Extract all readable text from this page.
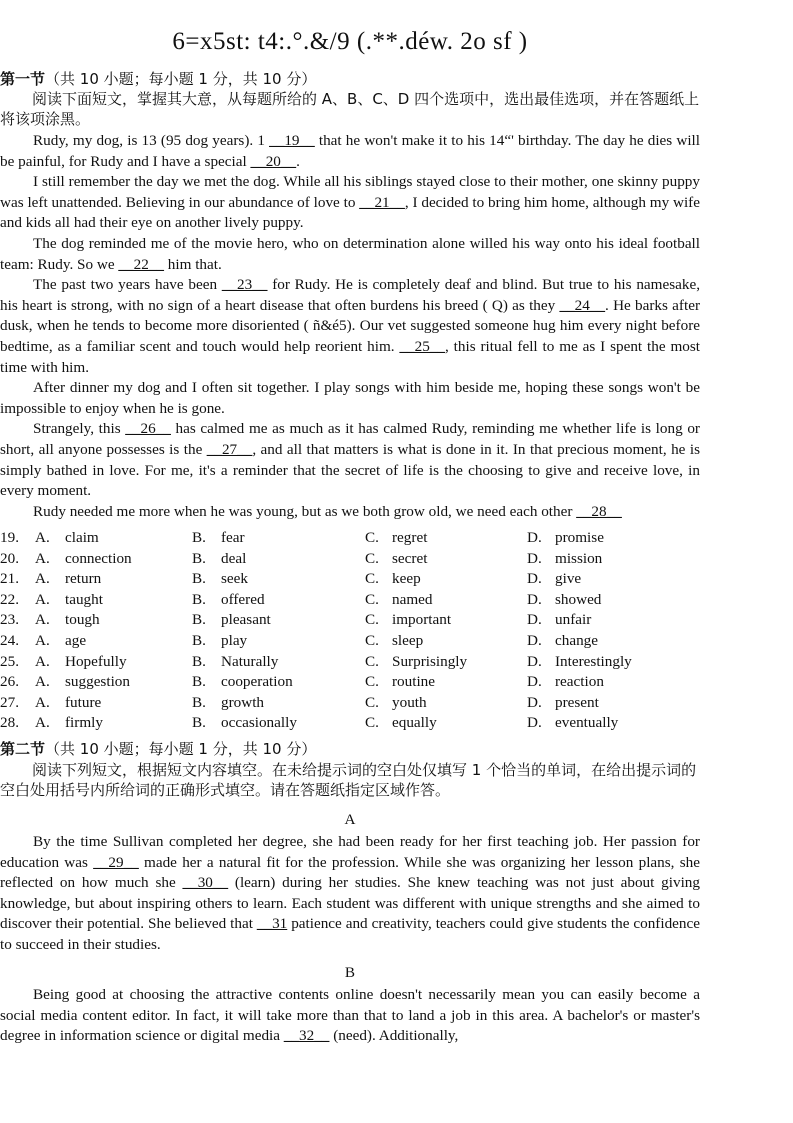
6=x5st: t4:.°.&/9 (.**.déw. 2o sf )
第一节（共 10 小题；每小题 1 分，共 10 分）
阅读下面短文，掌握其大意，从每题所给的 A、B、C、D 四个选项中，选出最佳选项，并在答题纸上将该项涂黑。

Rudy, my dog, is 13 (95 dog years). 1 __19__ that he won't make it to his 14“' birthday. The day he dies will be painful, for Rudy and I have a special __20__.

I still remember the day we met the dog. While all his siblings stayed close to their mother, one skinny puppy was left unattended. Believing in our abundance of love to __21__, I decided to bring him home, although my wife and kids all had their eye on another lively puppy.

The dog reminded me of the movie hero, who on determination alone willed his way onto his ideal football team: Rudy. So we __22__ him that.

The past two years have been __23__ for Rudy. He is completely deaf and blind. But true to his namesake, his heart is strong, with no sign of a heart disease that often burdens his breed ( Q) as they __24__. He barks after dusk, when he tends to become more disoriented ( ñ&é5). Our vet suggested someone hug him every night before bedtime, as a familiar scent and touch would help reorient him. __25__, this ritual fell to me as I spent the most time with him.

After dinner my dog and I often sit together. I play songs with him beside me, hoping these songs won't be impossible to enjoy when he is gone.

Strangely, this __26__ has calmed me as much as it has calmed Rudy, reminding me whether life is long or short, all anyone possesses is the __27__, and all that matters is what is done in it. In that precious moment, he is simply bathed in love. For me, it's a reminder that the secret of life is the choosing to give and receive love, in every moment.

Rudy needed me more when he was young, but as we both grow old, we need each other __28__

19. A. claim	B. fear	C. regret	D. promise
20. A. connection	B. deal	C. secret	D. mission
21. A. return	B. seek	C. keep	D. give
22. A. taught	B. offered	C. named	D. showed
23. A. tough	B. pleasant	C. important	D. unfair
24. A. age	B. play	C. sleep	D. change
25. A. Hopefully	B. Naturally	C. Surprisingly	D. Interestingly
26. A. suggestion	B. cooperation	C. routine	D. reaction
27. A. future	B. growth	C. youth	D. present
28. A. firmly	B. occasionally	C. equally	D. eventually
第二节（共 10 小题；每小题 1 分，共 10 分）
阅读下列短文，根据短文内容填空。在未给提示词的空白处仅填写 1 个恰当的单词，在给出提示词的空白处用括号内所给词的正确形式填空。请在答题纸指定区域作答。
A

By the time Sullivan completed her degree, she had been ready for her first teaching job. Her passion for education was __29__ made her a natural fit for the profession. While she was organizing her lesson plans, she reflected on how much she __30__ (learn) during her studies. She knew teaching was not just about giving knowledge, but about inspiring others to learn. Each student was different with unique strengths and she aimed to discover their potential. She believed that __31 patience and creativity, teachers could give students the confidence to succeed in their studies.

B

Being good at choosing the attractive contents online doesn't necessarily mean you can easily become a social media content editor. In fact, it will take more than that to land a job in this area. A bachelor's or master's degree in information science or digital media __32__ (need). Additionally,
